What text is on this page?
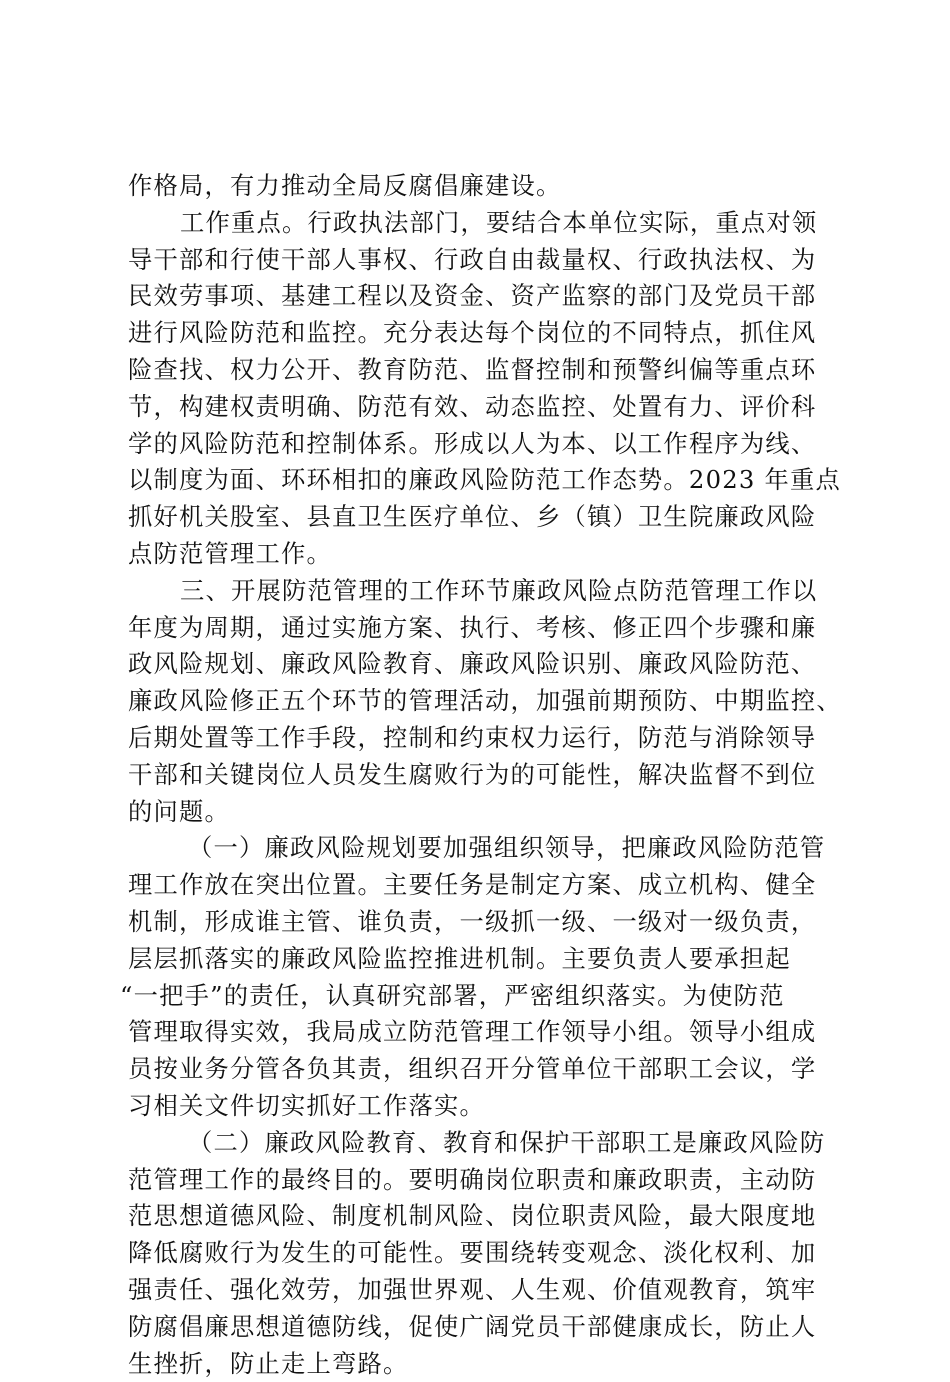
作格局，有力推动全局反腐倡廉建设。
工作重点。行政执法部门，要结合本单位实际，重点对领
导干部和行使干部人事权、行政自由裁量权、行政执法权、为
民效劳事项、基建工程以及资金、资产监察的部门及党员干部
进行风险防范和监控。充分表达每个岗位的不同特点，抓住风
险查找、权力公开、教育防范、监督控制和预警纠偏等重点环
节，构建权责明确、防范有效、动态监控、处置有力、评价科
学的风险防范和控制体系。形成以人为本、以工作程序为线、
以制度为面、环环相扣的廉政风险防范工作态势。2023 年重点
抓好机关股室、县直卫生医疗单位、乡（镇）卫生院廉政风险
点防范管理工作。
三、开展防范管理的工作环节廉政风险点防范管理工作以
年度为周期，通过实施方案、执行、考核、修正四个步骤和廉
政风险规划、廉政风险教育、廉政风险识别、廉政风险防范、
廉政风险修正五个环节的管理活动，加强前期预防、中期监控、
后期处置等工作手段，控制和约束权力运行，防范与消除领导
干部和关键岗位人员发生腐败行为的可能性，解决监督不到位
的问题。
（一）廉政风险规划要加强组织领导，把廉政风险防范管
理工作放在突出位置。主要任务是制定方案、成立机构、健全
机制，形成谁主管、谁负责，一级抓一级、一级对一级负责，
层层抓落实的廉政风险监控推进机制。主要负责人要承担起
“一把手”的责任，认真研究部署，严密组织落实。为使防范
管理取得实效，我局成立防范管理工作领导小组。领导小组成
员按业务分管各负其责，组织召开分管单位干部职工会议，学
习相关文件切实抓好工作落实。
（二）廉政风险教育、教育和保护干部职工是廉政风险防
范管理工作的最终目的。要明确岗位职责和廉政职责，主动防
范思想道德风险、制度机制风险、岗位职责风险，最大限度地
降低腐败行为发生的可能性。要围绕转变观念、淡化权利、加
强责任、强化效劳，加强世界观、人生观、价值观教育，筑牢
防腐倡廉思想道德防线，促使广阔党员干部健康成长，防止人
生挫折，防止走上弯路。
